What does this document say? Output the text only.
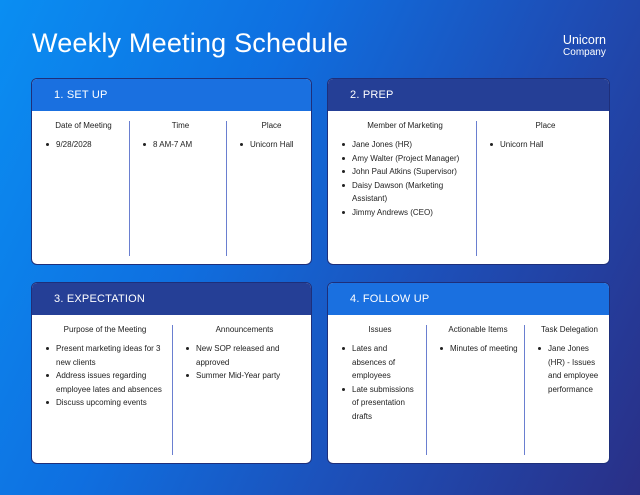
Weekly Meeting Schedule	Unicorn
Company
1. SET UP
Date of Meeting
9/28/2028
Time
8 AM-7 AM
Place
Unicorn Hall
2. PREP
Member of Marketing
Jane Jones (HR)
Amy Walter (Project Manager)
John Paul Atkins (Supervisor)
Daisy Dawson (Marketing Assistant)
Jimmy Andrews (CEO)
Place
Unicorn Hall
3. EXPECTATION
Purpose of the Meeting
Present marketing ideas for 3 new clients
Address issues regarding employee lates and absences
Discuss upcoming events
Announcements
New SOP released and approved
Summer Mid-Year party
4. FOLLOW UP
Issues
Lates and absences of employees
Late submissions of presentation drafts
Actionable Items
Minutes of meeting
Task Delegation
Jane Jones (HR) - Issues and employee performance
